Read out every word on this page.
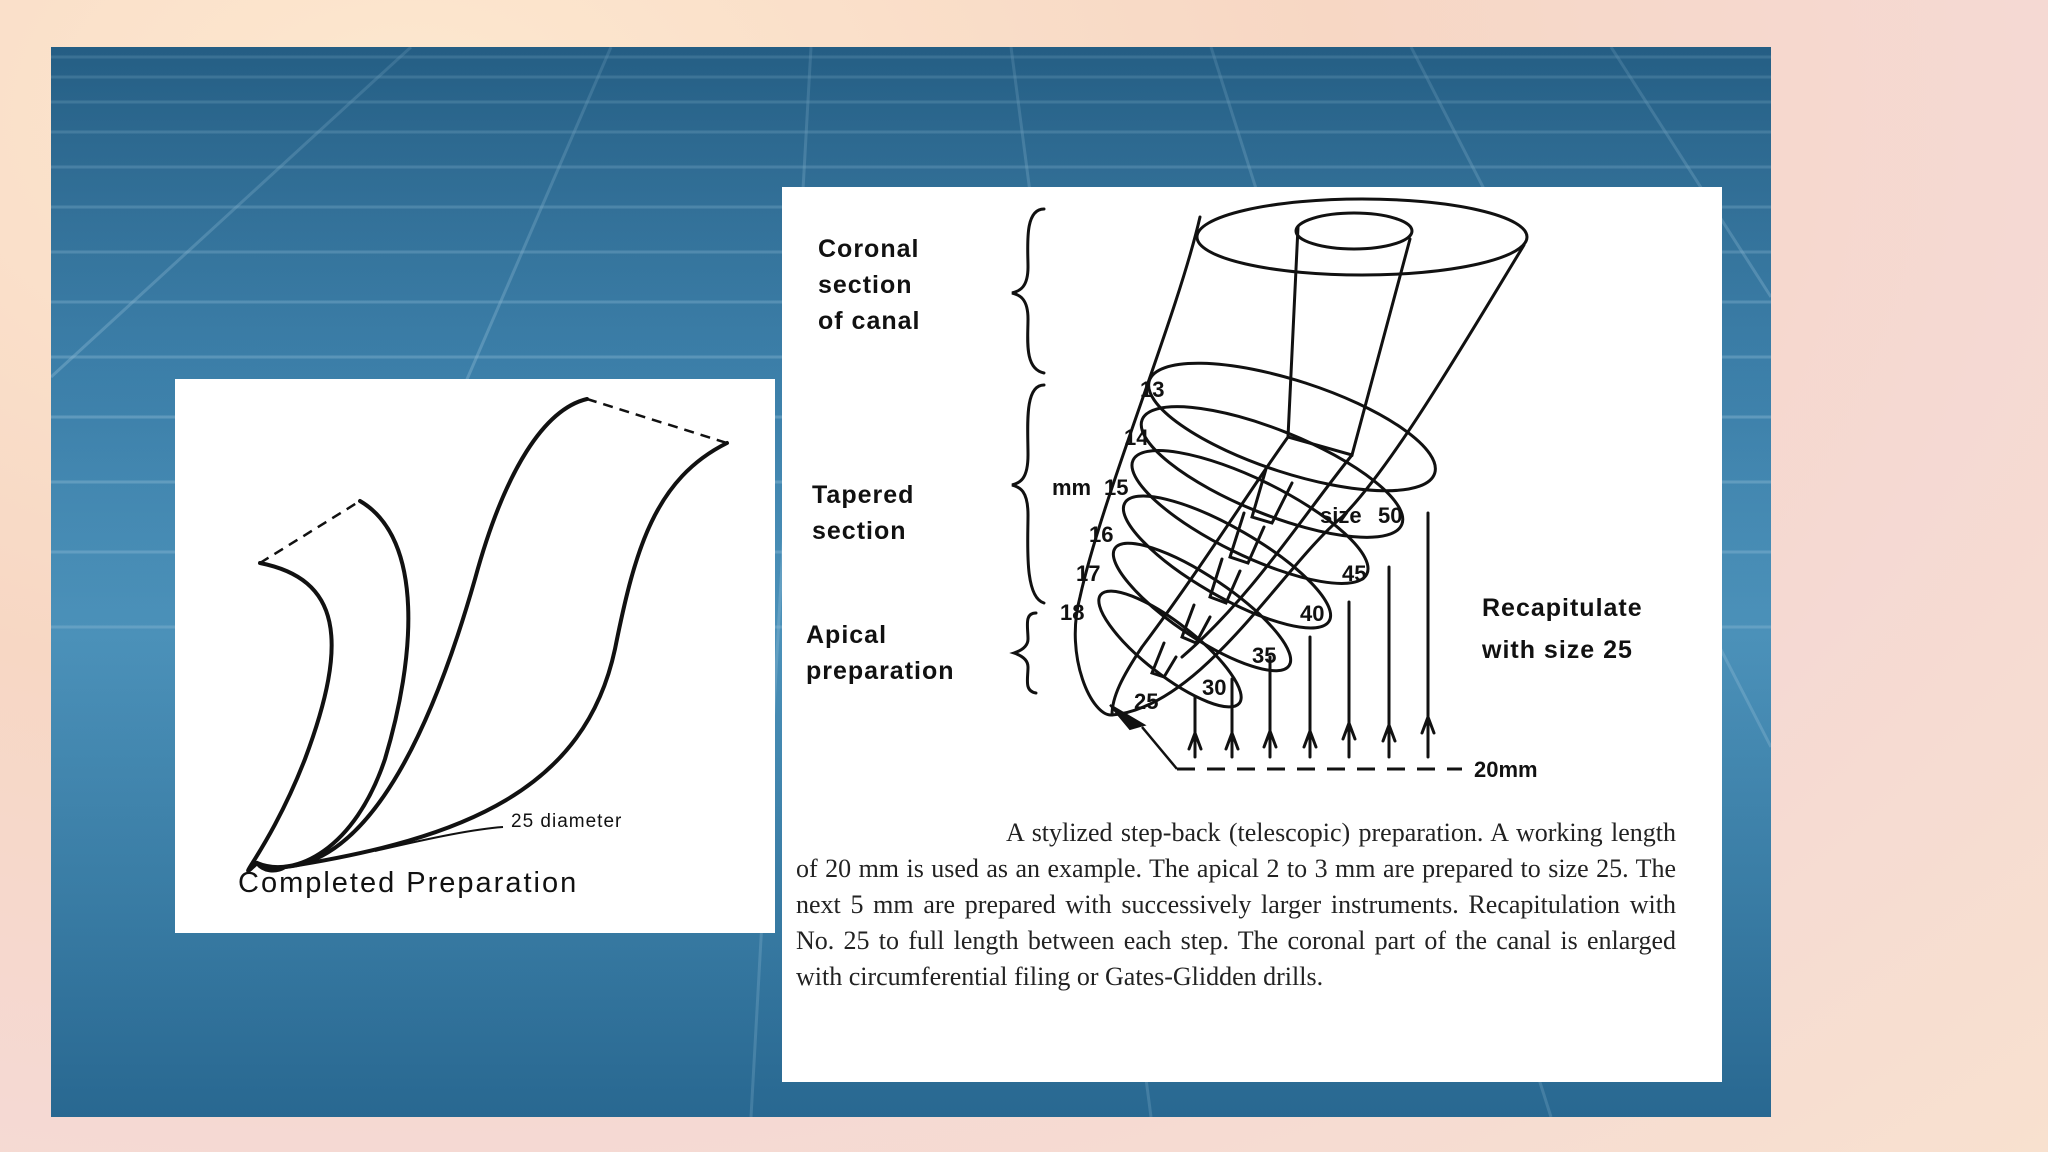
25 diameter
Completed Preparation
13
14
mm 15
16
17
18
size 50
45
40
35
30
25
20mm
Coronal
section
of canal
Tapered
section
Apical
preparation
Recapitulate
with size 25
A stylized step-back (telescopic) preparation. A working length of 20 mm is used as an example. The apical 2 to 3 mm are prepared to size 25. The next 5 mm are prepared with successively larger instruments. Recapitulation with No. 25 to full length between each step. The coronal part of the canal is enlarged with circumferential filing or Gates-Glidden drills.
